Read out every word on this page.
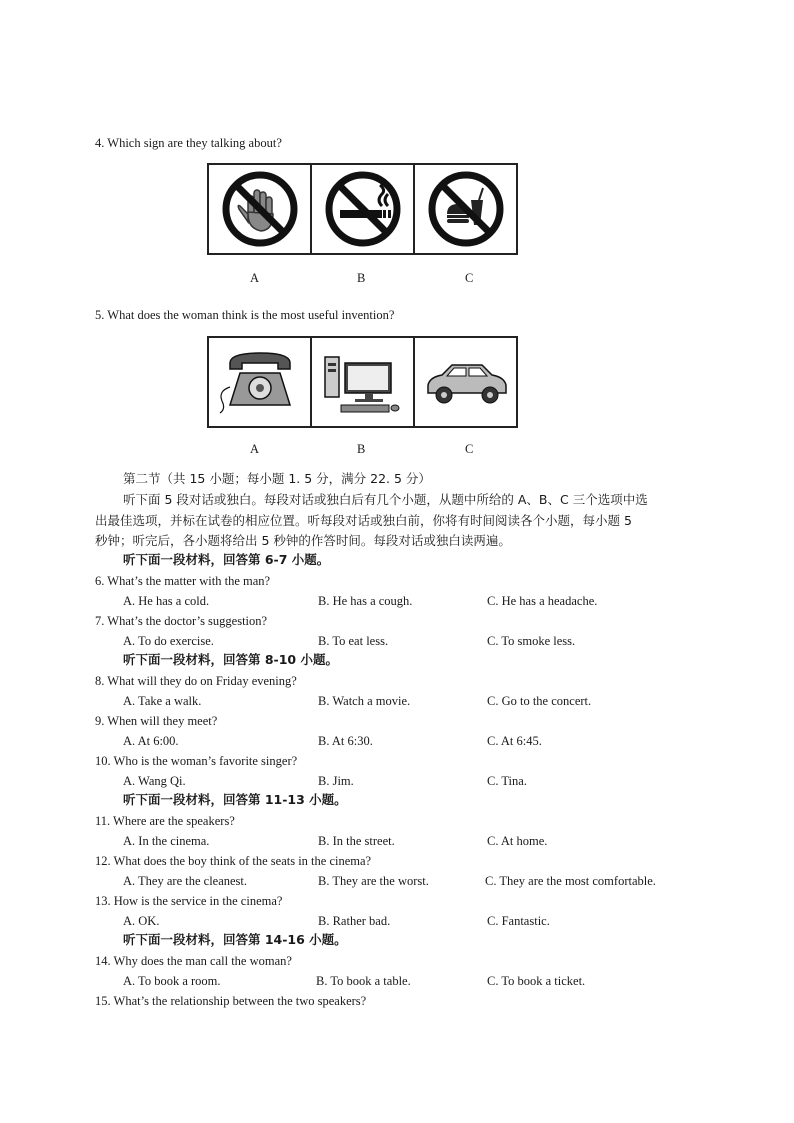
4. Which sign are they talking about?
A	B	C
5. What does the woman think is the most useful invention?
A	B	C
第二节（共 15 小题；每小题 1. 5 分，满分 22. 5 分）
听下面 5 段对话或独白。每段对话或独白后有几个小题，从题中所给的 A、B、C 三个选项中选
出最佳选项，并标在试卷的相应位置。听每段对话或独白前，你将有时间阅读各个小题，每小题 5
秒钟；听完后，各小题将给出 5 秒钟的作答时间。每段对话或独白读两遍。
听下面一段材料，回答第 6-7 小题。
6. What’s the matter with the man?
A. He has a cold.	B. He has a cough.	C. He has a headache.
7. What’s the doctor’s suggestion?
A. To do exercise.	B. To eat less.	C. To smoke less.
听下面一段材料，回答第 8-10 小题。
8. What will they do on Friday evening?
A. Take a walk.	B. Watch a movie.	C. Go to the concert.
9. When will they meet?
A. At 6:00.	B. At 6:30.	C. At 6:45.
10. Who is the woman’s favorite singer?
A. Wang Qi.	B. Jim.	C. Tina.
听下面一段材料，回答第 11-13 小题。
11. Where are the speakers?
A. In the cinema.	B. In the street.	C. At home.
12. What does the boy think of the seats in the cinema?
A. They are the cleanest.	B. They are the worst.	C. They are the most comfortable.
13. How is the service in the cinema?
A. OK.	B. Rather bad.	C. Fantastic.
听下面一段材料，回答第 14-16 小题。
14. Why does the man call the woman?
A. To book a room.	B. To book a table.	C. To book a ticket.
15. What’s the relationship between the two speakers?
